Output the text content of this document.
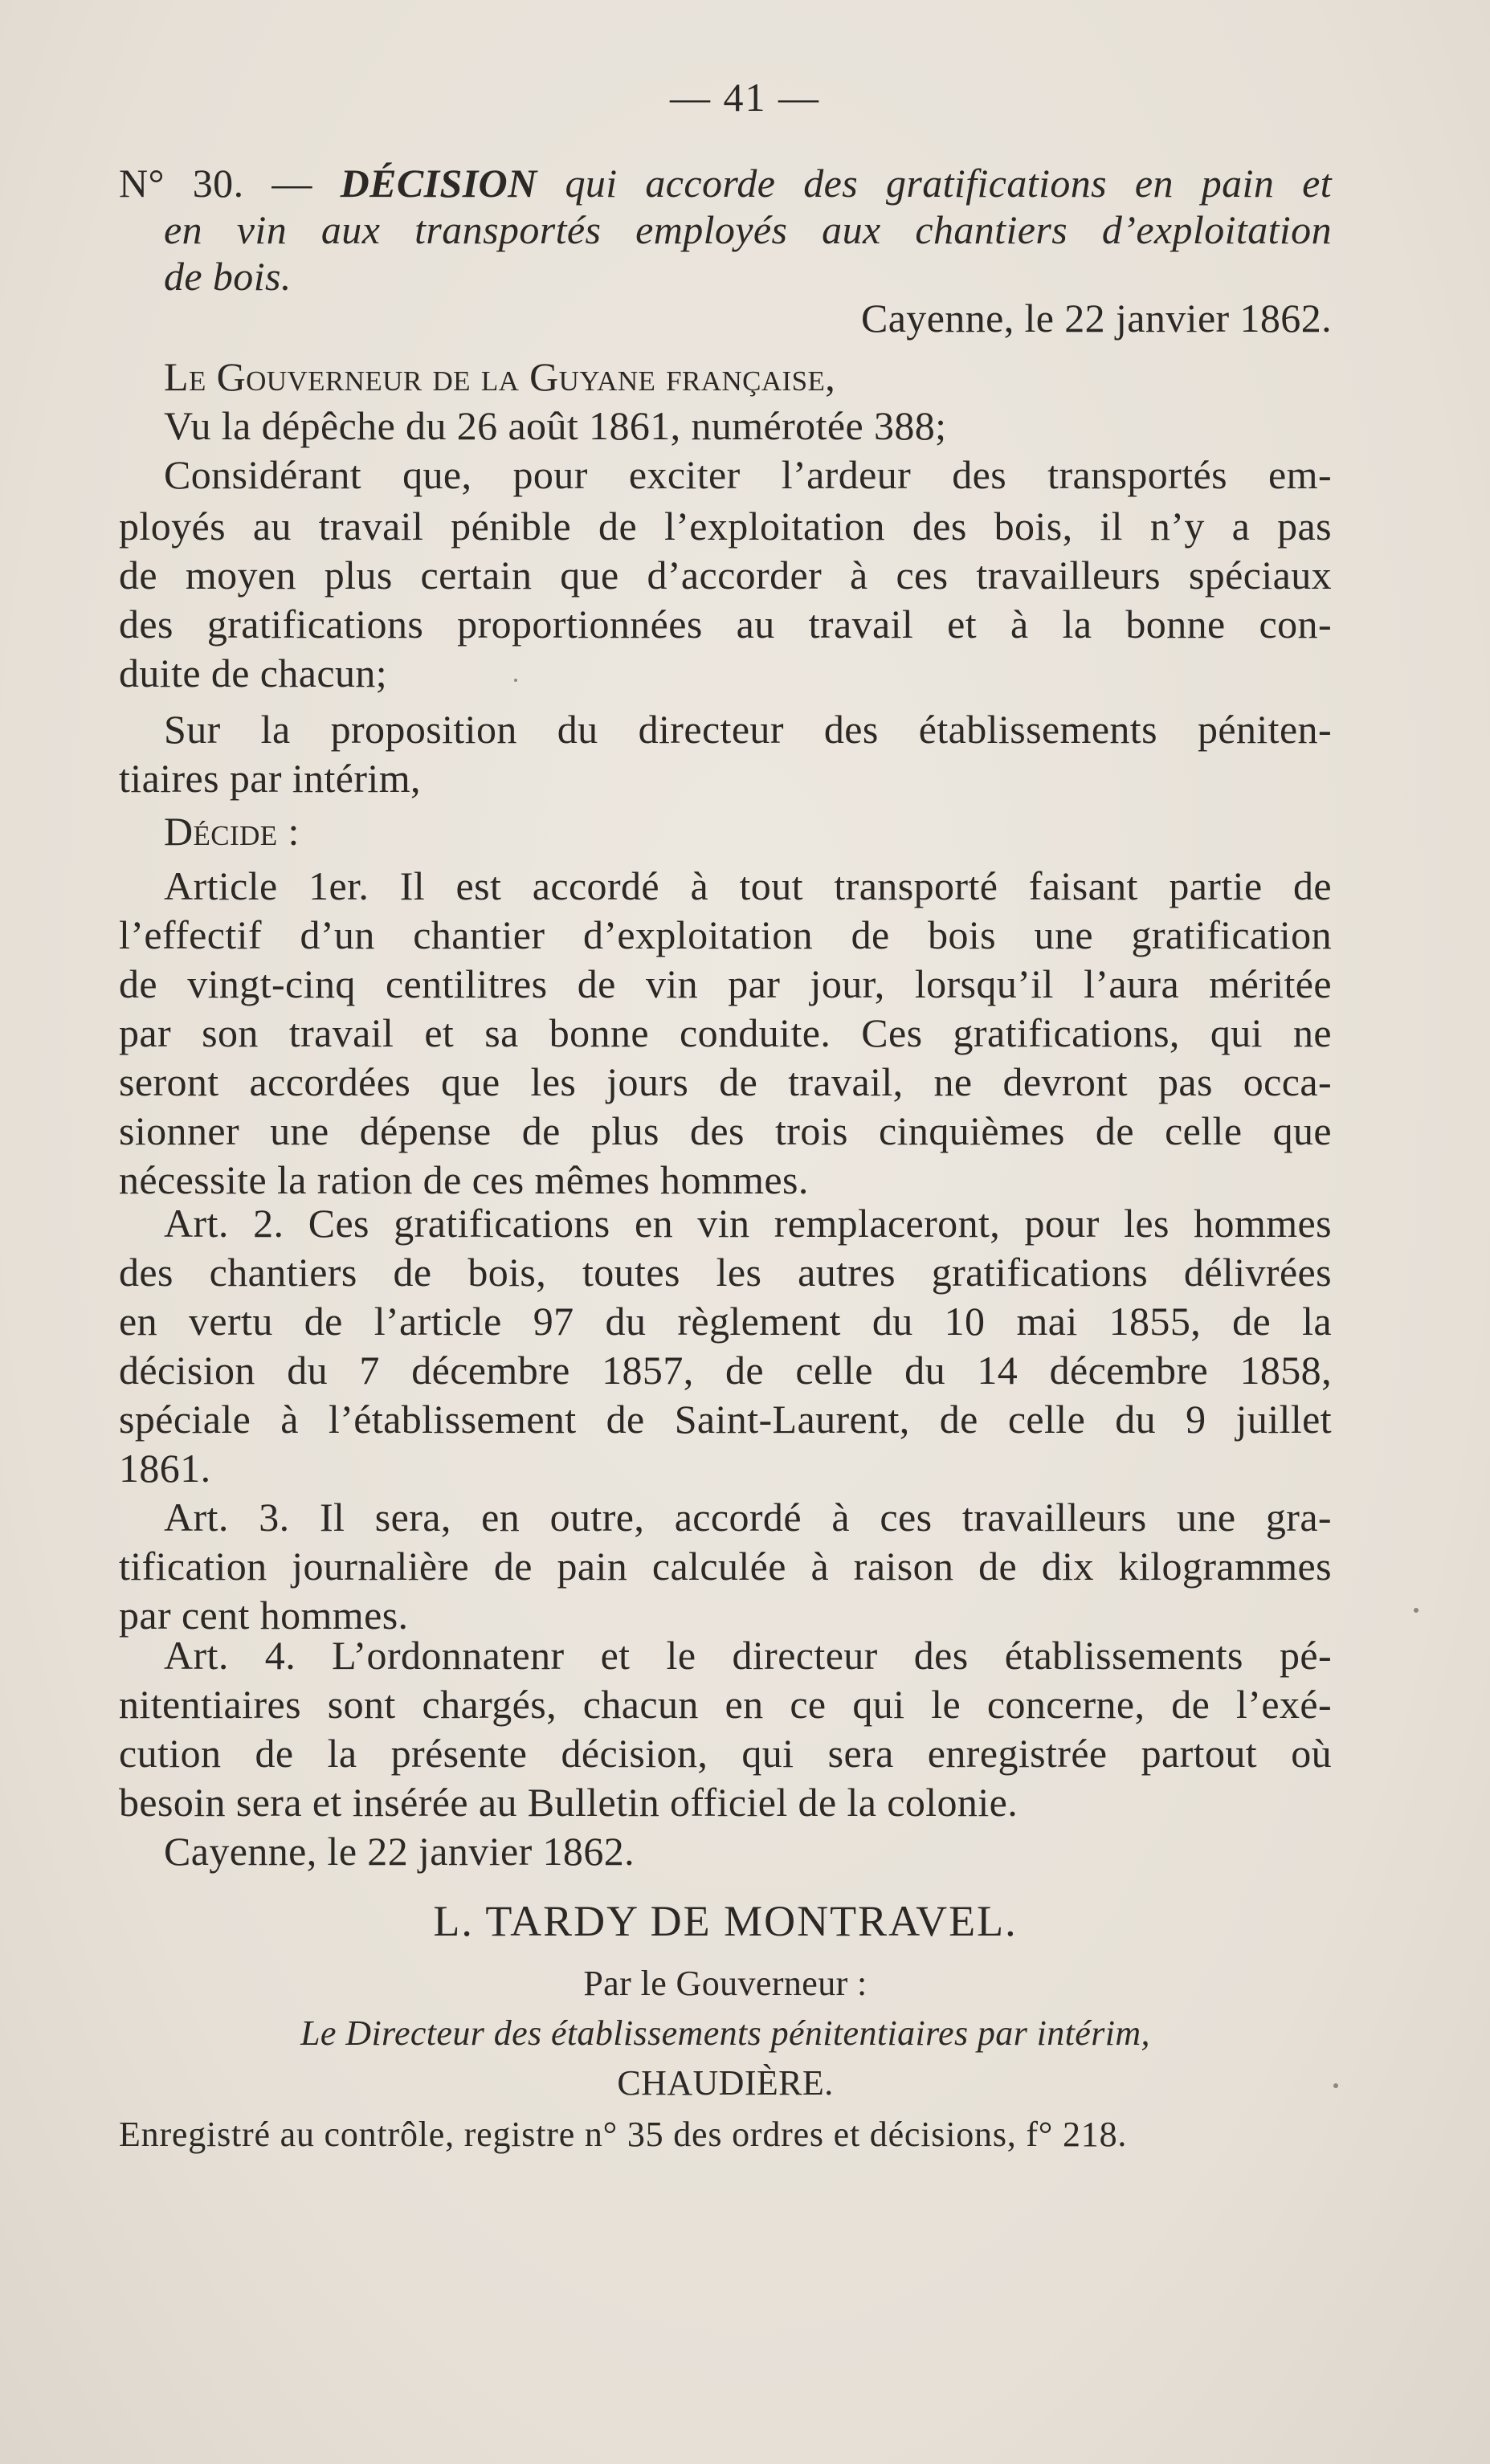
— 41 —
N° 30. — DÉCISION qui accorde des gratifications en pain et
en vin aux transportés employés aux chantiers d’exploitation
de bois.
Cayenne, le 22 janvier 1862.
Le Gouverneur de la Guyane française,
Vu la dépêche du 26 août 1861, numérotée 388;
Considérant que, pour exciter l’ardeur des transportés em-
ployés au travail pénible de l’exploitation des bois, il n’y a pas
de moyen plus certain que d’accorder à ces travailleurs spéciaux
des gratifications proportionnées au travail et à la bonne con-
duite de chacun;
Sur la proposition du directeur des établissements péniten-
tiaires par intérim,
Décide :
Article 1er. Il est accordé à tout transporté faisant partie de
l’effectif d’un chantier d’exploitation de bois une gratification
de vingt-cinq centilitres de vin par jour, lorsqu’il l’aura méritée
par son travail et sa bonne conduite. Ces gratifications, qui ne
seront accordées que les jours de travail, ne devront pas occa-
sionner une dépense de plus des trois cinquièmes de celle que
nécessite la ration de ces mêmes hommes.
Art. 2. Ces gratifications en vin remplaceront, pour les hommes
des chantiers de bois, toutes les autres gratifications délivrées
en vertu de l’article 97 du règlement du 10 mai 1855, de la
décision du 7 décembre 1857, de celle du 14 décembre 1858,
spéciale à l’établissement de Saint-Laurent, de celle du 9 juillet
1861.
Art. 3. Il sera, en outre, accordé à ces travailleurs une gra-
tification journalière de pain calculée à raison de dix kilogrammes
par cent hommes.
Art. 4. L’ordonnatenr et le directeur des établissements pé-
nitentiaires sont chargés, chacun en ce qui le concerne, de l’exé-
cution de la présente décision, qui sera enregistrée partout où
besoin sera et insérée au Bulletin officiel de la colonie.
Cayenne, le 22 janvier 1862.
L. TARDY DE MONTRAVEL.
Par le Gouverneur :
Le Directeur des établissements pénitentiaires par intérim,
CHAUDIÈRE.
Enregistré au contrôle, registre n° 35 des ordres et décisions, f° 218.
